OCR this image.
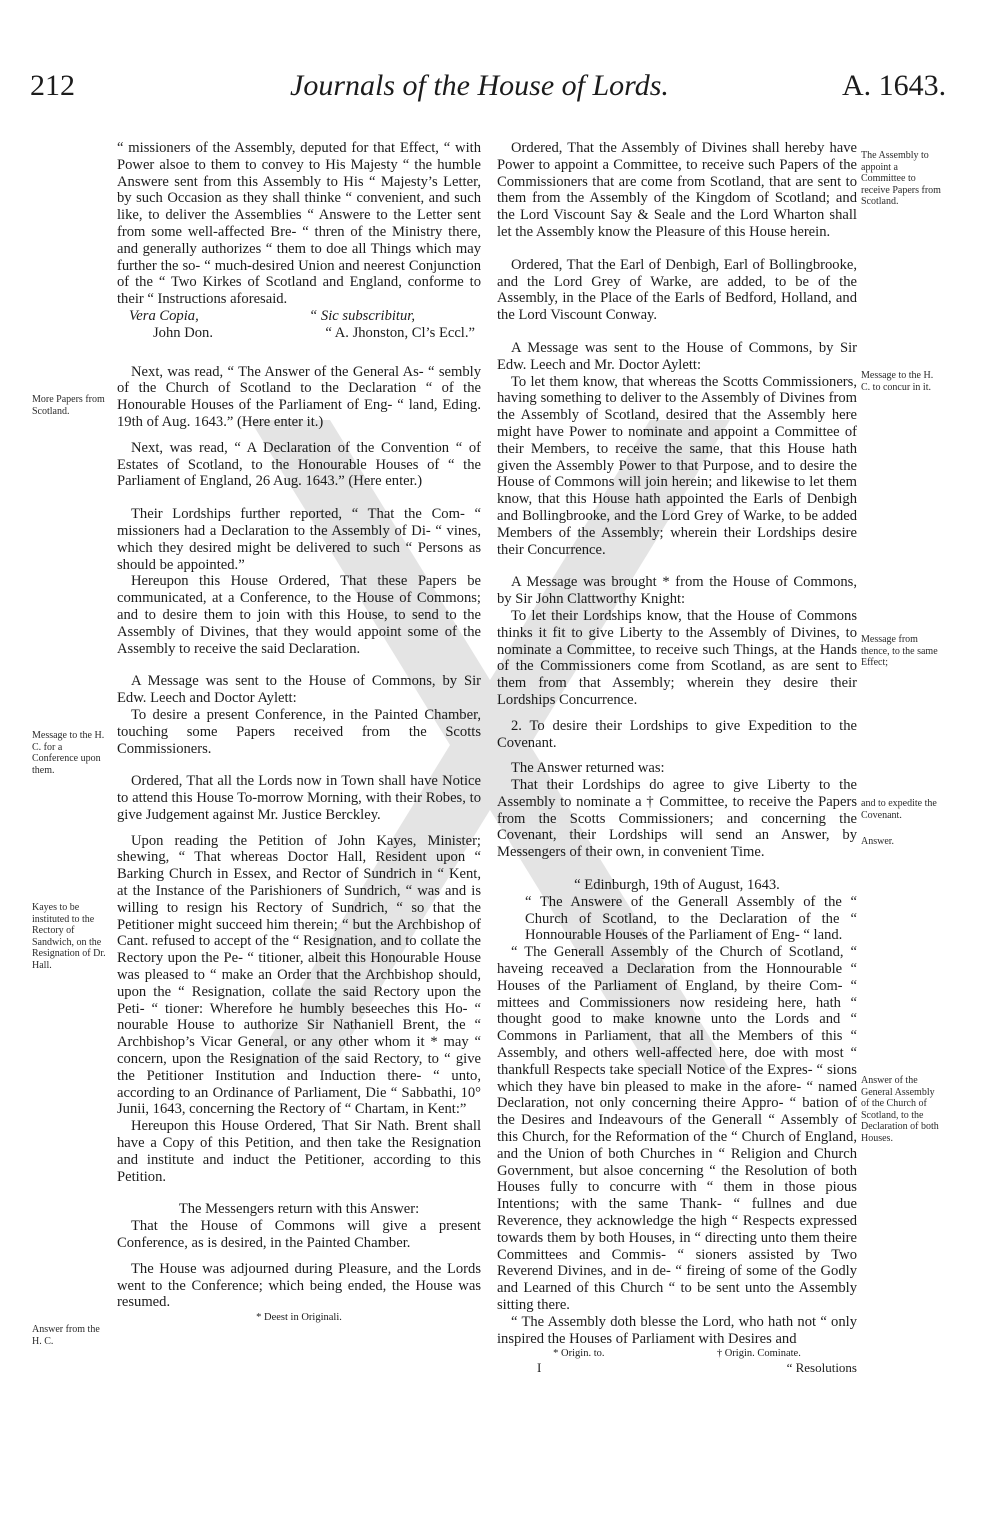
212	Journals of the House of Lords.	A. 1643.
More Papers from Scotland.
Message to the H. C. for a Conference upon them.
Kayes to be instituted to the Rectory of Sandwich, on the Resignation of Dr. Hall.
Answer from the H. C.

“ missioners of the Assembly, deputed for that Effect, “ with Power alsoe to them to convey to His Majesty “ the humble Answere sent from this Assembly to His “ Majesty’s Letter, by such Occasion as they shall thinke “ convenient, and such like, to deliver the Assemblies “ Answere to the Letter sent from some well-affected Bre- “ thren of the Ministry there, and generally authorizes “ them to doe all Things which may further the so- “ much-desired Union and neerest Conjunction of the “ Two Kirkes of Scotland and England, conforme to their “ Instructions aforesaid.

Vera Copia,	“ Sic subscribitur,
John Don.	“ A. Jhonston, Cl’s Eccl.”

Next, was read, “ The Answer of the General As- “ sembly of the Church of Scotland to the Declaration “ of the Honourable Houses of the Parliament of Eng- “ land, Eding. 19th of Aug. 1643.” (Here enter it.)

Next, was read, “ A Declaration of the Convention “ of Estates of Scotland, to the Honourable Houses of “ the Parliament of England, 26 Aug. 1643.” (Here enter.)

Their Lordships further reported, “ That the Com- “ missioners had a Declaration to the Assembly of Di- “ vines, which they desired might be delivered to such “ Persons as should be appointed.”

Hereupon this House Ordered, That these Papers be communicated, at a Conference, to the House of Commons; and to desire them to join with this House, to send to the Assembly of Divines, that they would appoint some of the Assembly to receive the said Declaration.

A Message was sent to the House of Commons, by Sir Edw. Leech and Doctor Aylett:

To desire a present Conference, in the Painted Chamber, touching some Papers received from the Scotts Commissioners.

Ordered, That all the Lords now in Town shall have Notice to attend this House To-morrow Morning, with their Robes, to give Judgement against Mr. Justice Berckley.

Upon reading the Petition of John Kayes, Minister; shewing, “ That whereas Doctor Hall, Resident upon “ Barking Church in Essex, and Rector of Sundrich in “ Kent, at the Instance of the Parishioners of Sundrich, “ was and is willing to resign his Rectory of Sundrich, “ so that the Petitioner might succeed him therein; “ but the Archbishop of Cant. refused to accept of the “ Resignation, and to collate the Rectory upon the Pe- “ titioner, albeit this Honourable House was pleased to “ make an Order that the Archbishop should, upon the “ Resignation, collate the said Rectory upon the Peti- “ tioner: Wherefore he humbly beseeches this Ho- “ nourable House to authorize Sir Nathaniell Brent, the “ Archbishop’s Vicar General, or any other whom it * may “ concern, upon the Resignation of the said Rectory, to “ give the Petitioner Institution and Induction there- “ unto, according to an Ordinance of Parliament, Die “ Sabbathi, 10° Junii, 1643, concerning the Rectory of “ Chartam, in Kent:”

Hereupon this House Ordered, That Sir Nath. Brent shall have a Copy of this Petition, and then take the Resignation and institute and induct the Petitioner, according to this Petition.

The Messengers return with this Answer:

That the House of Commons will give a present Conference, as is desired, in the Painted Chamber.

The House was adjourned during Pleasure, and the Lords went to the Conference; which being ended, the House was resumed.

* Deest in Originali.

Ordered, That the Assembly of Divines shall hereby have Power to appoint a Committee, to receive such Papers of the Commissioners that are come from Scotland, that are sent to them from the Assembly of the Kingdom of Scotland; and the Lord Viscount Say & Seale and the Lord Wharton shall let the Assembly know the Pleasure of this House herein.

Ordered, That the Earl of Denbigh, Earl of Bollingbrooke, and the Lord Grey of Warke, are added, to be of the Assembly, in the Place of the Earls of Bedford, Holland, and the Lord Viscount Conway.

A Message was sent to the House of Commons, by Sir Edw. Leech and Mr. Doctor Aylett:

To let them know, that whereas the Scotts Commissioners, having something to deliver to the Assembly of Divines from the Assembly of Scotland, desired that the Assembly here might have Power to nominate and appoint a Committee of their Members, to receive the same, that this House hath given the Assembly Power to that Purpose, and to desire the House of Commons will join herein; and likewise to let them know, that this House hath appointed the Earls of Denbigh and Bollingbrooke, and the Lord Grey of Warke, to be added Members of the Assembly; wherein their Lordships desire their Concurrence.

A Message was brought * from the House of Commons, by Sir John Clattworthy Knight:

To let their Lordships know, that the House of Commons thinks it fit to give Liberty to the Assembly of Divines, to nominate a Committee, to receive such Things, at the Hands of the Commissioners come from Scotland, as are sent to them from that Assembly; wherein they desire their Lordships Concurrence.

2. To desire their Lordships to give Expedition to the Covenant.

The Answer returned was:

That their Lordships do agree to give Liberty to the Assembly to nominate a † Committee, to receive the Papers from the Scotts Commissioners; and concerning the Covenant, their Lordships will send an Answer, by Messengers of their own, in convenient Time.

“ Edinburgh, 19th of August, 1643.

“ The Answere of the Generall Assembly of the “ Church of Scotland, to the Declaration of the “ Honnourable Houses of the Parliament of Eng- “ land.

“ The Generall Assembly of the Church of Scotland, “ haveing receaved a Declaration from the Honnourable “ Houses of the Parliament of England, by theire Com- “ mittees and Commissioners now resideing here, hath “ thought good to make knowne unto the Lords and “ Commons in Parliament, that all the Members of this “ Assembly, and others well-affected here, doe with most “ thankfull Respects take speciall Notice of the Expres- “ sions which they have bin pleased to make in the afore- “ named Declaration, not only concerning theire Appro- “ bation of the Desires and Indeavours of the Generall “ Assembly of this Church, for the Reformation of the “ Church of England, and the Union of both Churches in “ Religion and Church Government, but alsoe concerning “ the Resolution of both Houses fully to concurre with “ them in those pious Intentions; with the same Thank- “ fullnes and due Reverence, they acknowledge the high “ Respects expressed towards them by both Houses, in “ directing unto them theire Committees and Commis- “ sioners assisted by Two Reverend Divines, and in de- “ fireing of some of the Godly and Learned of this Church “ to be sent unto the Assembly sitting there.

“ The Assembly doth blesse the Lord, who hath not “ only inspired the Houses of Parliament with Desires and

* Origin. to.	† Origin. Cominate.
I	“ Resolutions
The Assembly to appoint a Committee to receive Papers from Scotland.
Message to the H. C. to concur in it.
Message from thence, to the same Effect;
and to expedite the Covenant.
Answer.
Answer of the General Assembly of the Church of Scotland, to the Declaration of both Houses.
